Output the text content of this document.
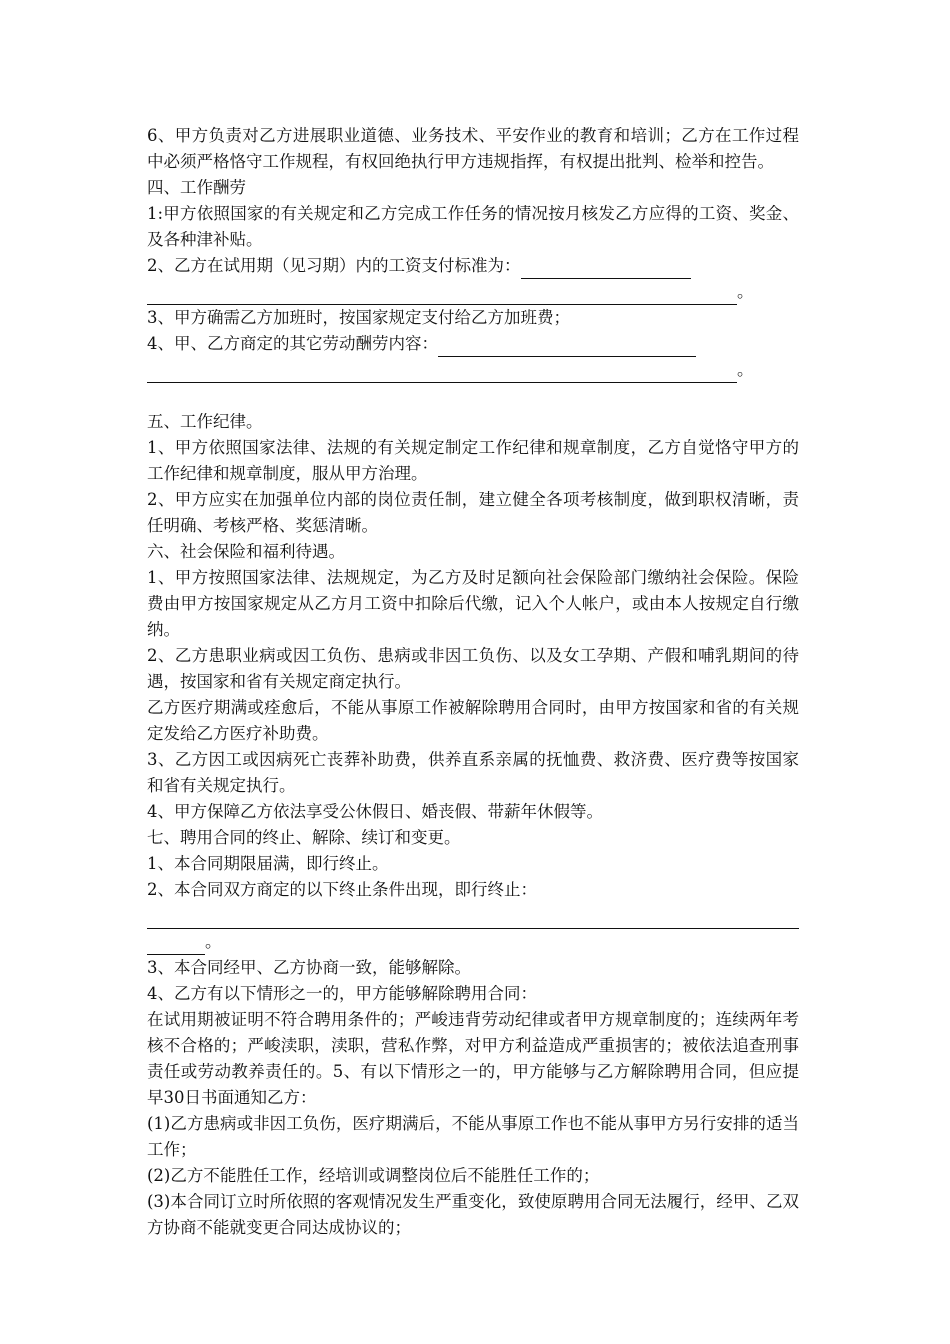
6、甲方负责对乙方进展职业道德、业务技术、平安作业的教育和培训；乙方在工作过程中必须严格恪守工作规程，有权回绝执行甲方违规指挥，有权提出批判、检举和控告。

四、工作酬劳

1:甲方依照国家的有关规定和乙方完成工作任务的情况按月核发乙方应得的工资、奖金、及各种津补贴。

2、乙方在试用期（见习期）内的工资支付标准为：
。

3、甲方确需乙方加班时，按国家规定支付给乙方加班费；

4、甲、乙方商定的其它劳动酬劳内容：
。

五、工作纪律。

1、甲方依照国家法律、法规的有关规定制定工作纪律和规章制度，乙方自觉恪守甲方的工作纪律和规章制度，服从甲方治理。

2、甲方应实在加强单位内部的岗位责任制，建立健全各项考核制度，做到职权清晰，责任明确、考核严格、奖惩清晰。

六、社会保险和福利待遇。

1、甲方按照国家法律、法规规定，为乙方及时足额向社会保险部门缴纳社会保险。保险费由甲方按国家规定从乙方月工资中扣除后代缴，记入个人帐户，或由本人按规定自行缴纳。

2、乙方患职业病或因工负伤、患病或非因工负伤、以及女工孕期、产假和哺乳期间的待遇，按国家和省有关规定商定执行。

乙方医疗期满或痊愈后，不能从事原工作被解除聘用合同时，由甲方按国家和省的有关规定发给乙方医疗补助费。

3、乙方因工或因病死亡丧葬补助费，供养直系亲属的抚恤费、救济费、医疗费等按国家和省有关规定执行。

4、甲方保障乙方依法享受公休假日、婚丧假、带薪年休假等。

七、聘用合同的终止、解除、续订和变更。

1、本合同期限届满，即行终止。

2、本合同双方商定的以下终止条件出现，即行终止：

。

3、本合同经甲、乙方协商一致，能够解除。

4、乙方有以下情形之一的，甲方能够解除聘用合同：

在试用期被证明不符合聘用条件的；严峻违背劳动纪律或者甲方规章制度的；连续两年考核不合格的；严峻渎职，渎职，营私作弊，对甲方利益造成严重损害的；被依法追查刑事责任或劳动教养责任的。5、有以下情形之一的，甲方能够与乙方解除聘用合同，但应提早30日书面通知乙方：

(1)乙方患病或非因工负伤，医疗期满后，不能从事原工作也不能从事甲方另行安排的适当工作；

(2)乙方不能胜任工作，经培训或调整岗位后不能胜任工作的；

(3)本合同订立时所依照的客观情况发生严重变化，致使原聘用合同无法履行，经甲、乙双方协商不能就变更合同达成协议的；
